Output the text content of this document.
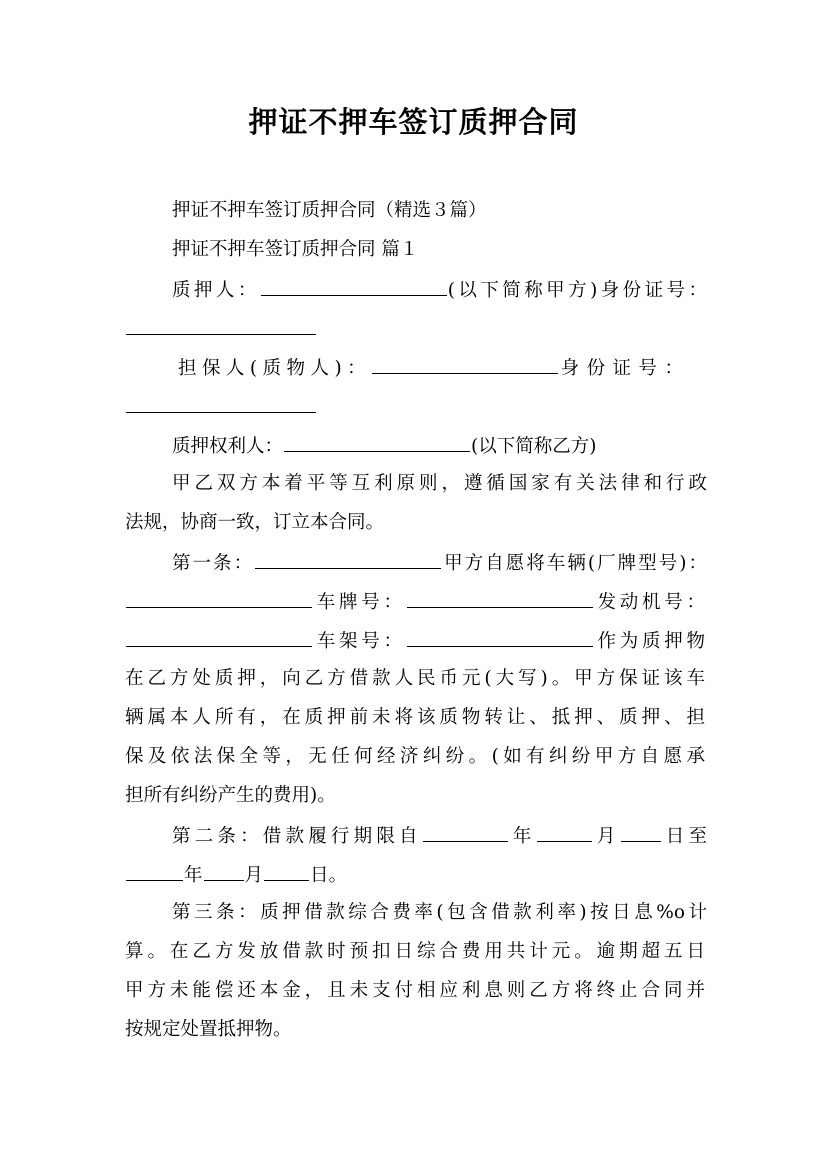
押证不押车签订质押合同
押证不押车签订质押合同（精选３篇）
押证不押车签订质押合同 篇１
质押人：	(以下简称甲方)身份证号：
担保人(质物人)：	身份证号：
质押权利人：	(以下简称乙方)
甲乙双方本着平等互利原则，遵循国家有关法律和行政
法规，协商一致，订立本合同。
第一条：	甲方自愿将车辆(厂牌型号)：
车牌号：	发动机号：
车架号：	作为质押物
在乙方处质押，向乙方借款人民币元(大写)。甲方保证该车
辆属本人所有，在质押前未将该质物转让、抵押、质押、担
保及依法保全等，无任何经济纠纷。(如有纠纷甲方自愿承
担所有纠纷产生的费用)。
第二条：借款履行期限自	年	月 日至
年 月	日。
第三条：质押借款综合费率(包含借款利率)按日息%o计
算。在乙方发放借款时预扣日综合费用共计元。逾期超五日
甲方未能偿还本金，且未支付相应利息则乙方将终止合同并
按规定处置抵押物。
